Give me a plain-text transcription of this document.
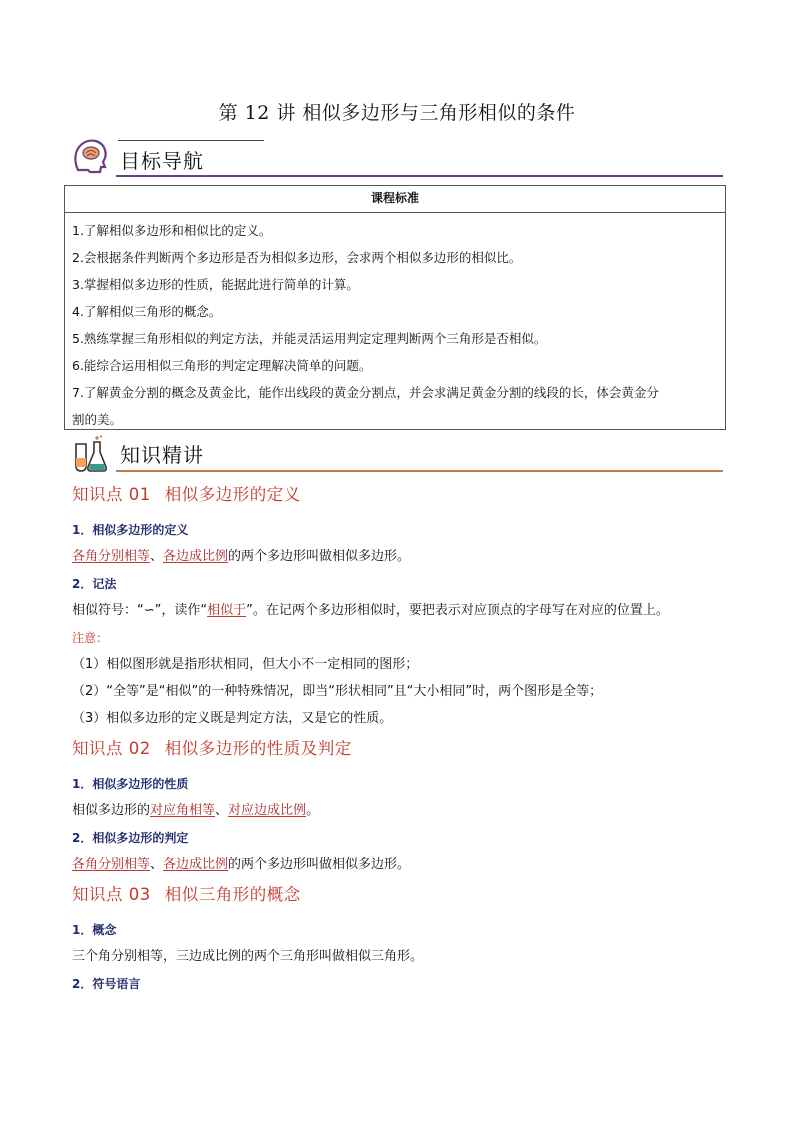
第 12 讲 相似多边形与三角形相似的条件
目标导航
课程标准
1.了解相似多边形和相似比的定义。
2.会根据条件判断两个多边形是否为相似多边形，会求两个相似多边形的相似比。
3.掌握相似多边形的性质，能据此进行简单的计算。
4.了解相似三角形的概念。
5.熟练掌握三角形相似的判定方法，并能灵活运用判定定理判断两个三角形是否相似。
6.能综合运用相似三角形的判定定理解决简单的问题。
7.了解黄金分割的概念及黄金比，能作出线段的黄金分割点，并会求满足黄金分割的线段的长，体会黄金分
割的美。
知识精讲
知识点 01 相似多边形的定义
1．相似多边形的定义
各角分别相等、各边成比例的两个多边形叫做相似多边形。
2．记法
相似符号：“∽”，读作“相似于”。在记两个多边形相似时，要把表示对应顶点的字母写在对应的位置上。
注意：
（1）相似图形就是指形状相同，但大小不一定相同的图形；
（2）“全等”是“相似”的一种特殊情况，即当“形状相同”且“大小相同”时，两个图形是全等；
（3）相似多边形的定义既是判定方法，又是它的性质。
知识点 02 相似多边形的性质及判定
1．相似多边形的性质
相似多边形的对应角相等、对应边成比例。
2．相似多边形的判定
各角分别相等、各边成比例的两个多边形叫做相似多边形。
知识点 03 相似三角形的概念
1．概念
三个角分别相等，三边成比例的两个三角形叫做相似三角形。
2．符号语言
